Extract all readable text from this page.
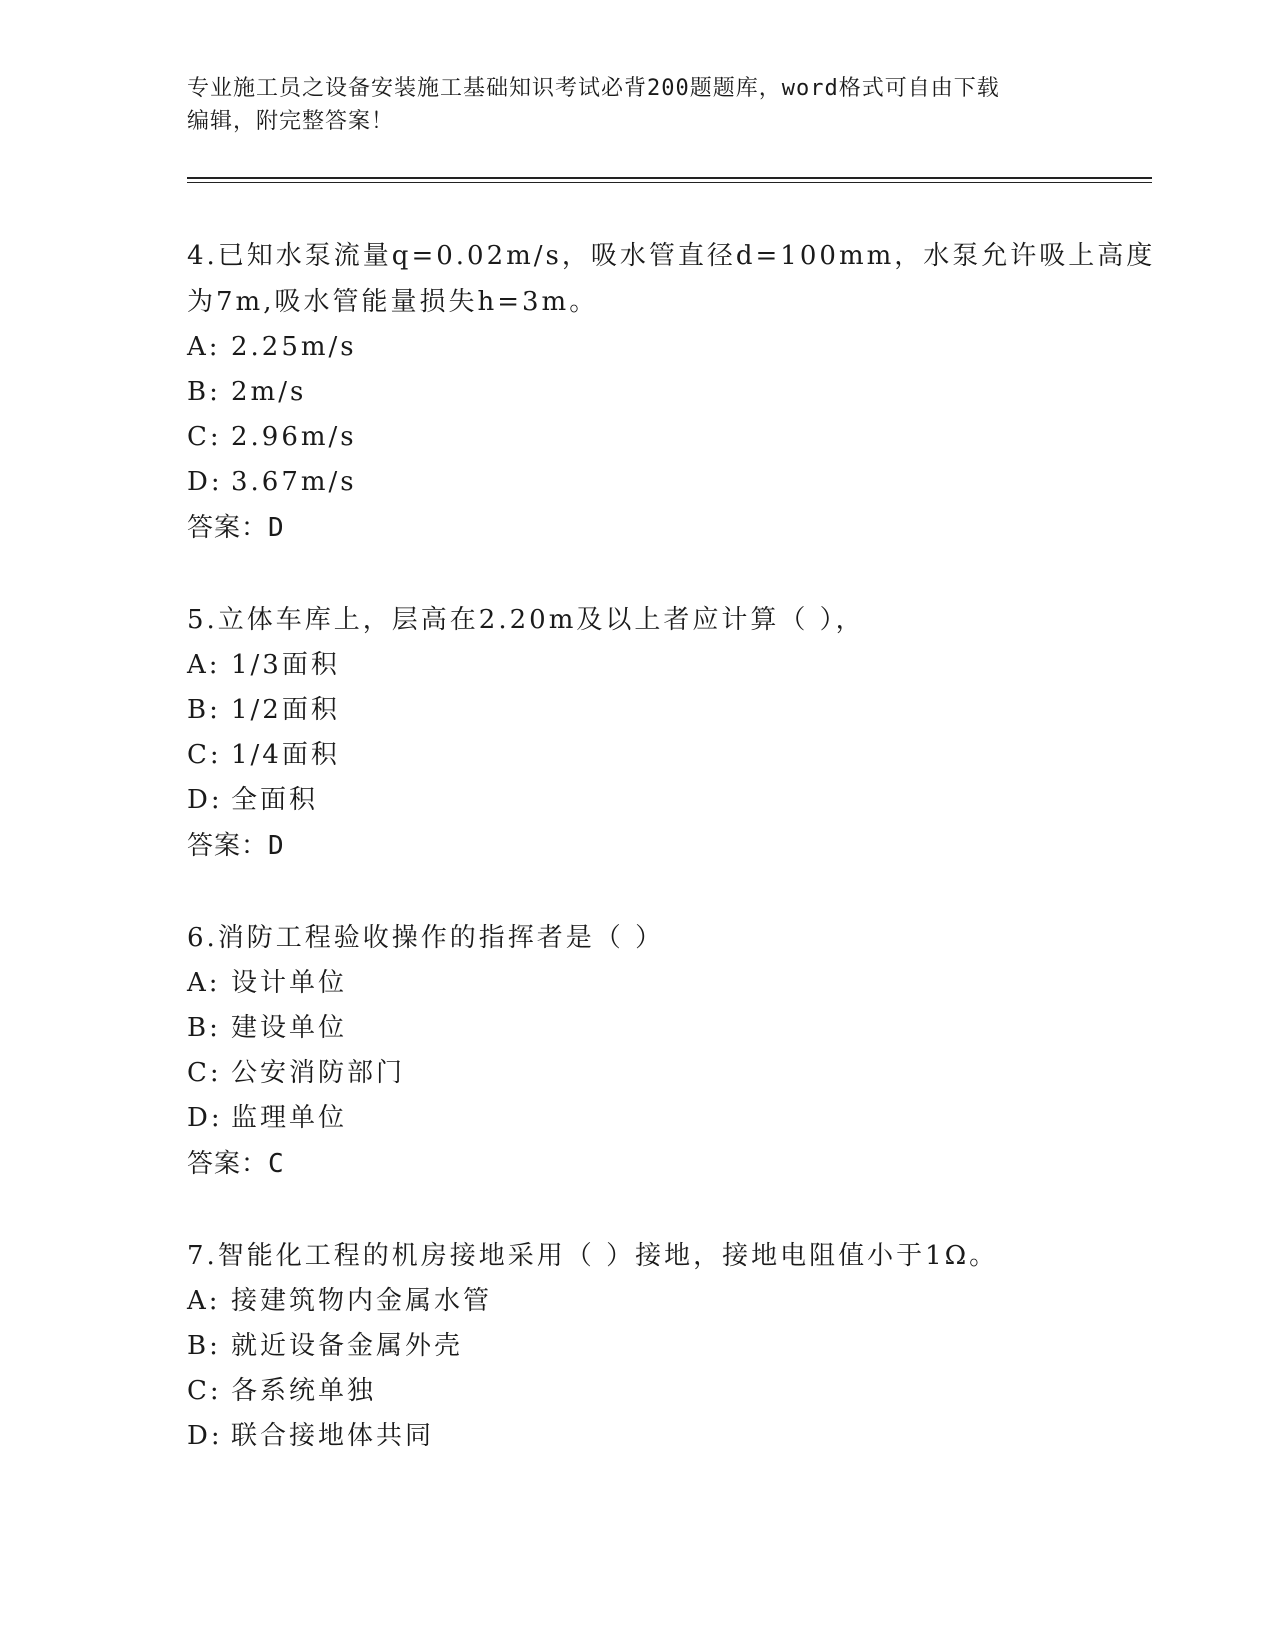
专业施工员之设备安装施工基础知识考试必背200题题库，word格式可自由下载
编辑，附完整答案！

4.已知水泵流量q=0.02m/s，吸水管直径d=100mm，水泵允许吸上高度
为7m,吸水管能量损失h=3m。

A: 2.25m/s

B: 2m/s

C: 2.96m/s

D: 3.67m/s

答案：D

5.立体车库上，层高在2.20m及以上者应计算（ ），

A: 1/3面积

B: 1/2面积

C: 1/4面积

D: 全面积

答案：D

6.消防工程验收操作的指挥者是（ ）

A: 设计单位

B: 建设单位

C: 公安消防部门

D: 监理单位

答案：C

7.智能化工程的机房接地采用（ ）接地，接地电阻值小于1Ω。

A: 接建筑物内金属水管

B: 就近设备金属外壳

C: 各系统单独

D: 联合接地体共同
